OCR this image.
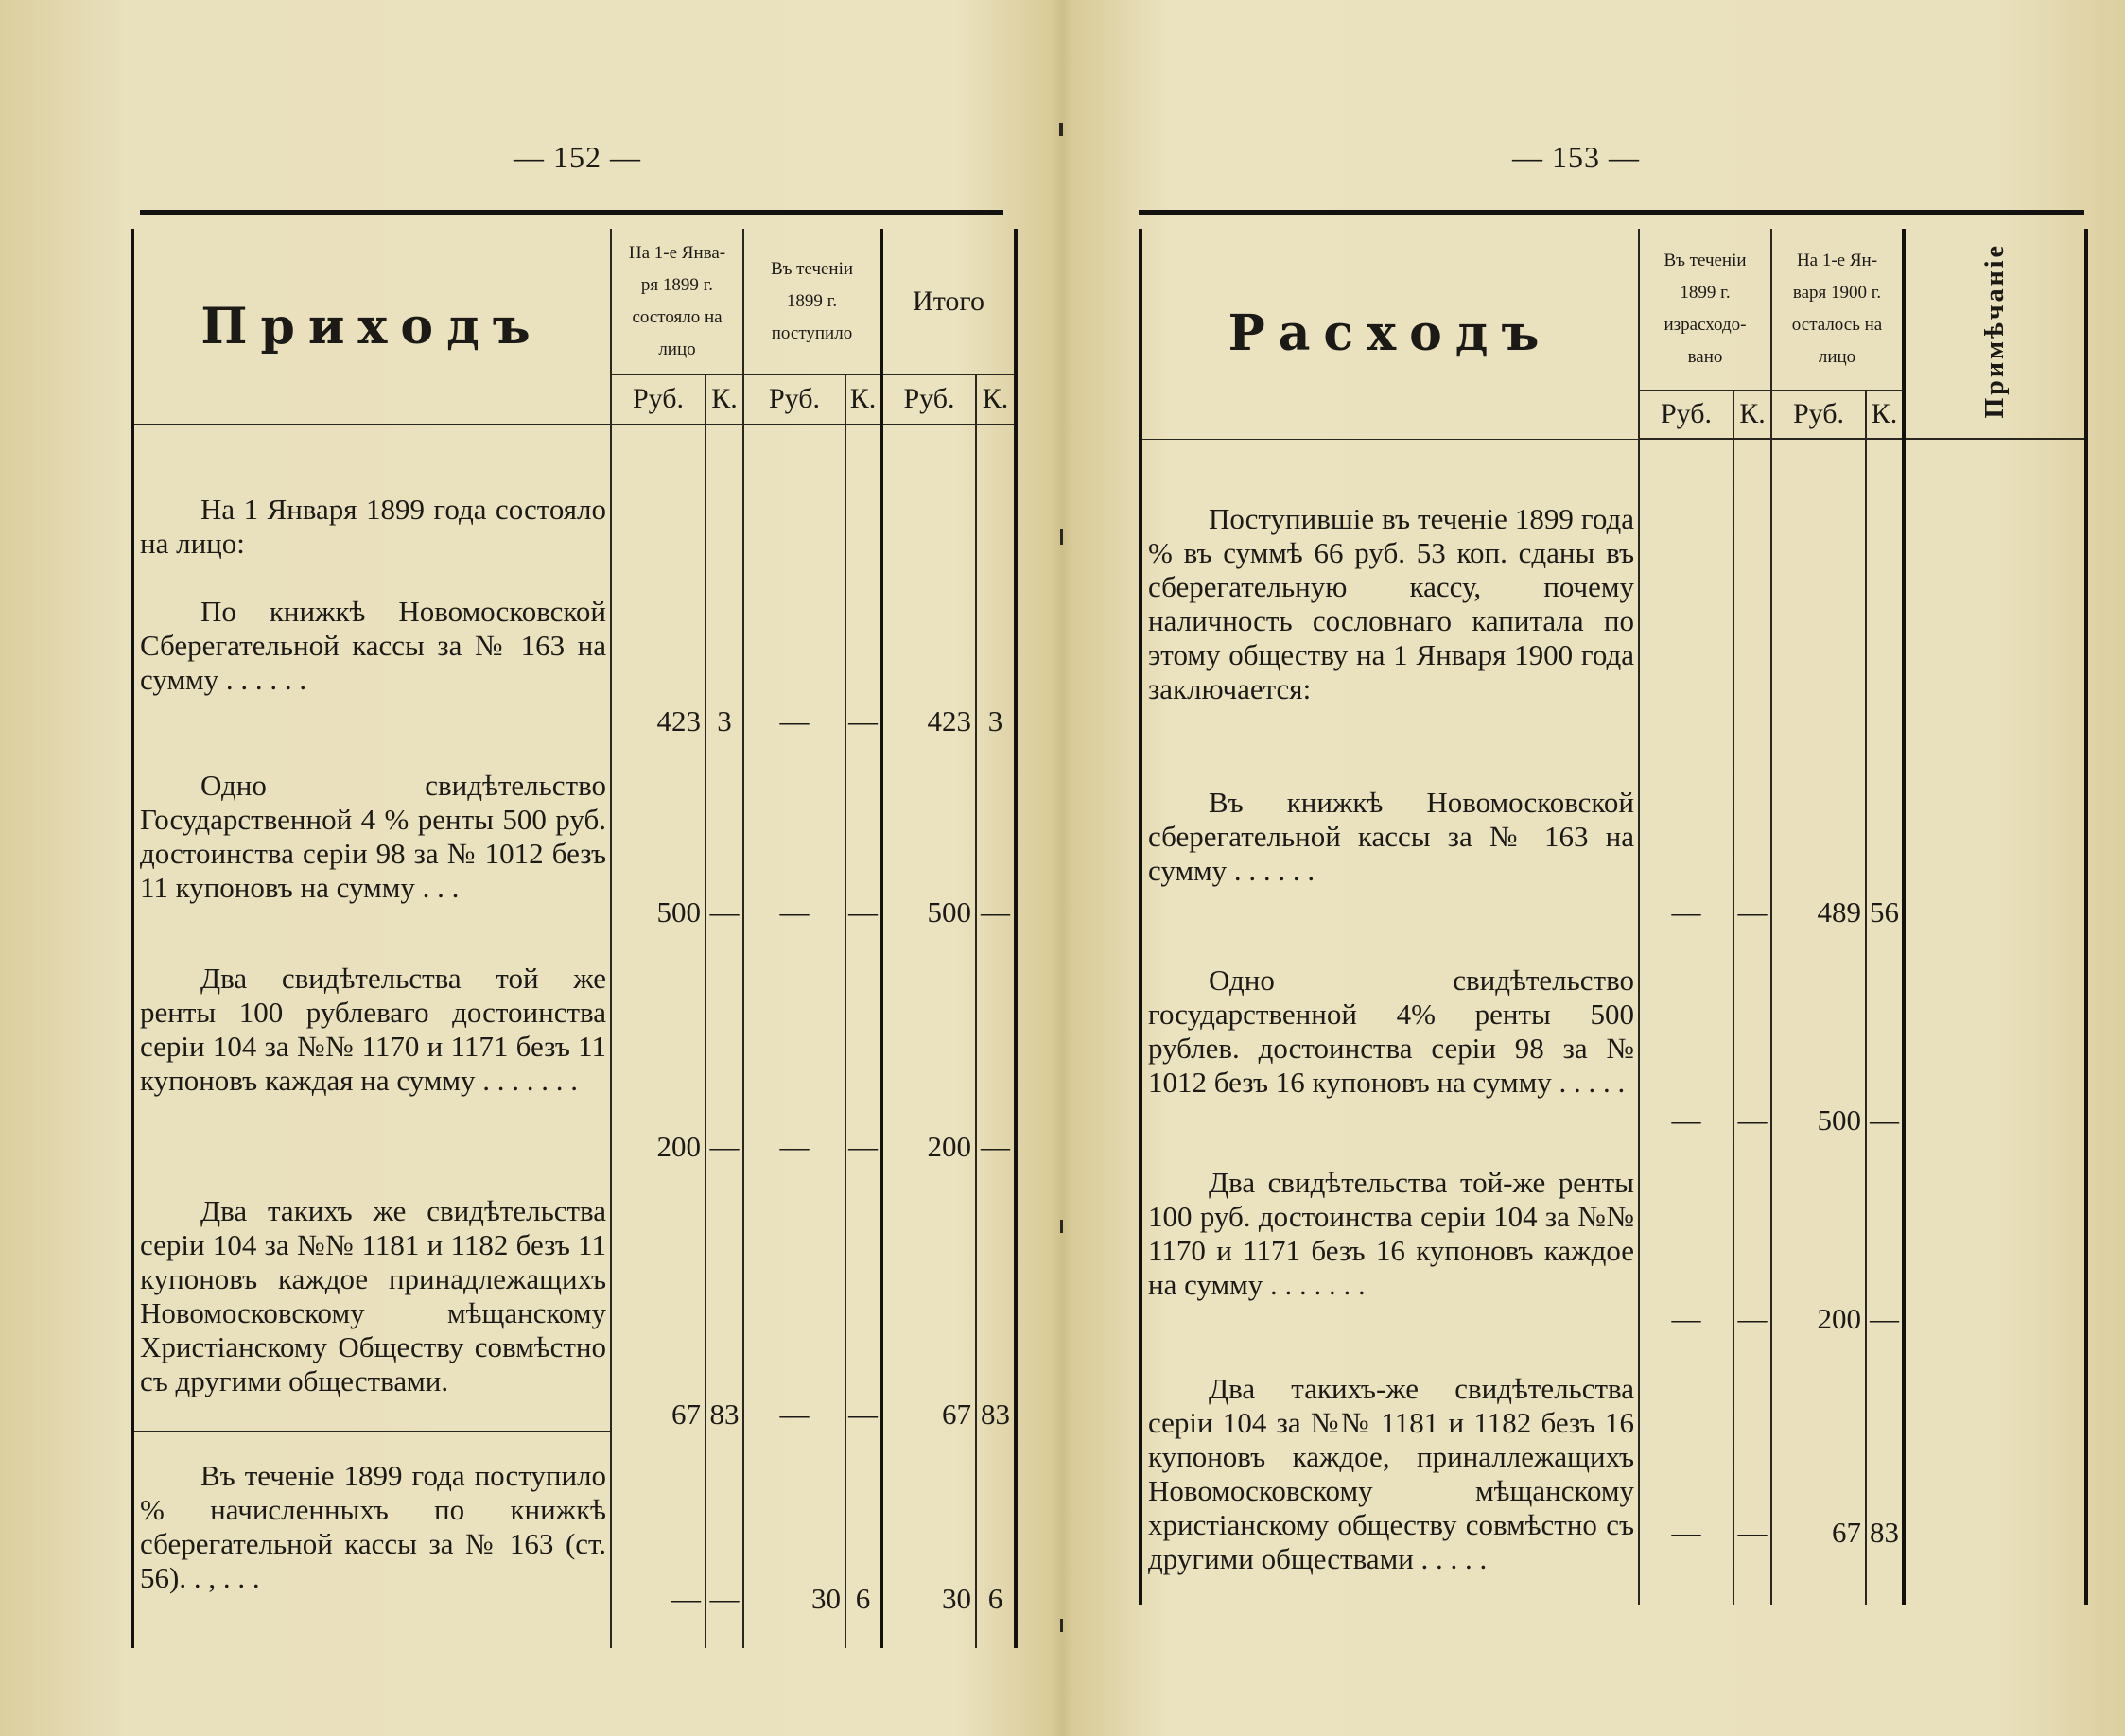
— 152 —
Приходъ	На 1-е Янва-
ря 1899 г.
состояло на
лицо		Въ теченіи
1899 г.
поступило		Итого	
	Руб.	К.	Руб.	К.	Руб.	К.

На 1 Января 1899 года состояло на лицо:						

По книжкѣ Новомосковской Сберегательной кассы за № 163 на сумму . . . . . .	423	3	—	—	423	3

Одно свидѣтельство Государственной 4 % ренты 500 руб. достоинства серіи 98 за № 1012 безъ 11 купоновъ на сумму . . .	500	—	—	—	500	—

Два свидѣтельства той же ренты 100 рублеваго достоинства серіи 104 за №№ 1170 и 1171 безъ 11 купоновъ каждая на сумму . . . . . . .	200	—	—	—	200	—

Два такихъ же свидѣтельства серіи 104 за №№ 1181 и 1182 безъ 11 купоновъ каждое принадлежащихъ Новомосковскому мѣщанскому Христіанскому Обществу совмѣстно съ другими обществами.	67	83	—	—	67	83

Въ теченіе 1899 года поступило % начисленныхъ по книжкѣ сберегательной кассы за № 163 (ст. 56). . , . . .	—	—	30	6	30	6
— 153 —
Расходъ	Въ теченіи
1899 г.
израсходо-
вано		На 1-е Ян-
варя 1900 г.
осталось на
лицо		Примѣчаніе
	Руб.	К.	Руб.	К.	

Поступившіе въ теченіе 1899 года % въ суммѣ 66 руб. 53 коп. сданы въ сберегательную кассу, почему наличность сословнаго капитала по этому обществу на 1 Января 1900 года заключается:					

Въ книжкѣ Новомосковской сберегательной кассы за № 163 на сумму . . . . . .	—	—	489	56	

Одно свидѣтельство государственной 4% ренты 500 рублев. достоинства серіи 98 за № 1012 безъ 16 купоновъ на сумму . . . . .	—	—	500	—	

Два свидѣтельства той-же ренты 100 руб. достоинства серіи 104 за №№ 1170 и 1171 безъ 16 купоновъ каждое на сумму . . . . . . .	—	—	200	—	

Два такихъ-же свидѣтельства серіи 104 за №№ 1181 и 1182 безъ 16 купоновъ каждое, приналлежащихъ Новомосковскому мѣщанскому христіанскому обществу совмѣстно съ другими обществами . . . . .	—	—	67	83	
